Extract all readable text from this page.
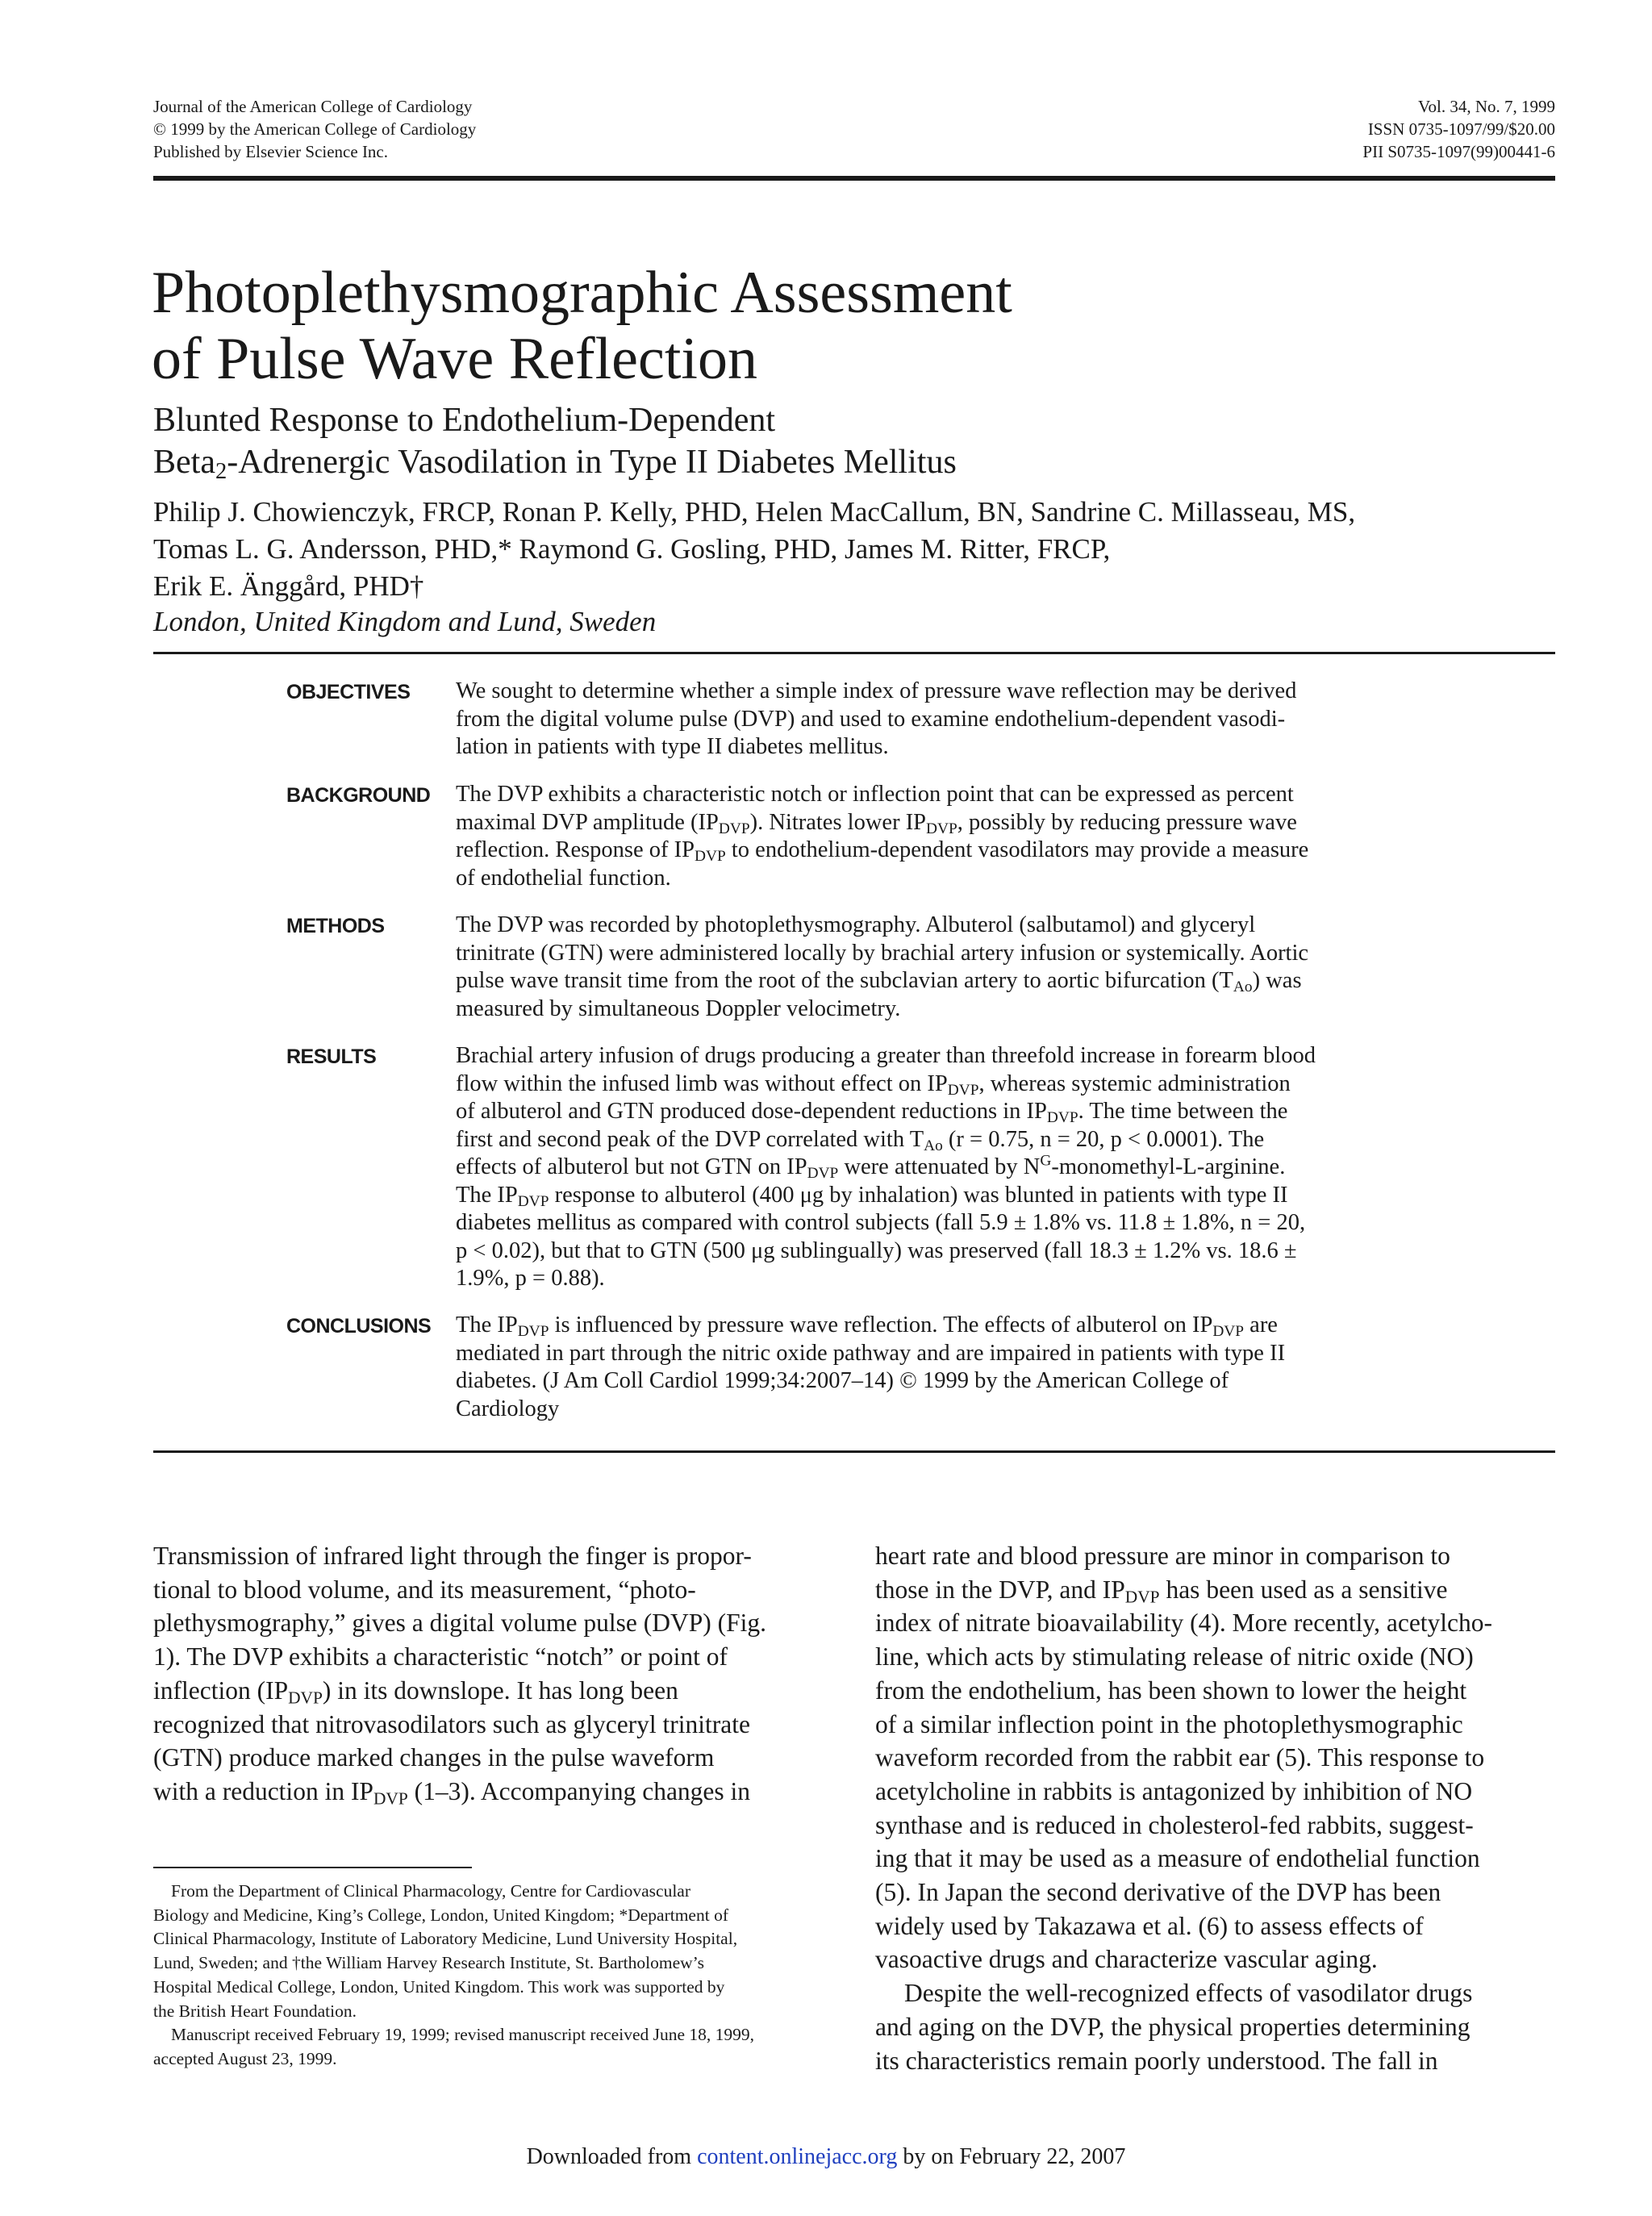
Journal of the American College of Cardiology
© 1999 by the American College of Cardiology
Published by Elsevier Science Inc.
Vol. 34, No. 7, 1999
ISSN 0735-1097/99/$20.00
PII S0735-1097(99)00441-6
Photoplethysmographic Assessment
of Pulse Wave Reflection
Blunted Response to Endothelium-Dependent
Beta$_2$-Adrenergic Vasodilation in Type II Diabetes Mellitus
Philip J. Chowienczyk, FRCP, Ronan P. Kelly, PHD, Helen MacCallum, BN, Sandrine C. Millasseau, MS,
Tomas L. G. Andersson, PHD,* Raymond G. Gosling, PHD, James M. Ritter, FRCP,
Erik E. Änggård, PHD†
London, United Kingdom and Lund, Sweden
OBJECTIVES We sought to determine whether a simple index of pressure wave reflection may be derived
from the digital volume pulse (DVP) and used to examine endothelium-dependent vasodi-
lation in patients with type II diabetes mellitus.
BACKGROUND The DVP exhibits a characteristic notch or inflection point that can be expressed as percent
maximal DVP amplitude $(IP_{DVP})$. Nitrates lower $IP_{DVP}$, possibly by reducing pressure wave
reflection. Response of $IP_{DVP}$ to endothelium-dependent vasodilators may provide a measure
of endothelial function.
METHODS	The DVP was recorded by photoplethysmography. Albuterol (salbutamol) and glyceryl
trinitrate (GTN) were administered locally by brachial artery infusion or systemically. Aortic
pulse wave transit time from the root of the subclavian artery to aortic bifurcation $(T_{Ao})$ was
measured by simultaneous Doppler velocimetry.
RESULTS	Brachial artery infusion of drugs producing a greater than threefold increase in forearm blood
flow within the infused limb was without effect on $IP_{DVP}$, whereas systemic administration
of albuterol and GTN produced dose-dependent reductions in $IP_{DVP}$. The time between the
first and second peak of the DVP correlated with $T_{Ao}$ (r = 0.75, n = 20, p < 0.0001). The
effects of albuterol but not GTN on $IP_{DVP}$ were attenuated by $N^G-monomethyl-L$-arginine.
The $IP_{DVP}$ response to albuterol (400 μg by inhalation) was blunted in patients with type II
diabetes mellitus as compared with control subjects (fall 5.9 ± 1.8% vs. 11.8 ± 1.8%, n = 20,
p < 0.02), but that to GTN (500 μg sublingually) was preserved (fall 18.3 ± 1.2% vs. 18.6 ±
1.9%, p = 0.88).
CONCLUSIONS The $IP_{DVP}$ is influenced by pressure wave reflection. The effects of albuterol on $IP_{DVP}$ are
mediated in part through the nitric oxide pathway and are impaired in patients with type II
diabetes. (J Am Coll Cardiol 1999;34:2007–14) © 1999 by the American College of
Cardiology
Transmission of infrared light through the finger is propor-
tional to blood volume, and its measurement, “photo-
plethysmography,” gives a digital volume pulse (DVP) (Fig.
1). The DVP exhibits a characteristic “notch” or point of
inflection $(IP_{DVP})$ in its downslope. It has long been
recognized that nitrovasodilators such as glyceryl trinitrate
(GTN) produce marked changes in the pulse waveform
with a reduction in $IP_{DVP}$ (1–3). Accompanying changes in
From the Department of Clinical Pharmacology, Centre for Cardiovascular
Biology and Medicine, King’s College, London, United Kingdom; *Department of
Clinical Pharmacology, Institute of Laboratory Medicine, Lund University Hospital,
Lund, Sweden; and †the William Harvey Research Institute, St. Bartholomew’s
Hospital Medical College, London, United Kingdom. This work was supported by
the British Heart Foundation.
Manuscript received February 19, 1999; revised manuscript received June 18, 1999,
accepted August 23, 1999.
heart rate and blood pressure are minor in comparison to
those in the DVP, and $IP_{DVP}$ has been used as a sensitive
index of nitrate bioavailability (4). More recently, acetylcho-
line, which acts by stimulating release of nitric oxide (NO)
from the endothelium, has been shown to lower the height
of a similar inflection point in the photoplethysmographic
waveform recorded from the rabbit ear (5). This response to
acetylcholine in rabbits is antagonized by inhibition of NO
synthase and is reduced in cholesterol-fed rabbits, suggest-
ing that it may be used as a measure of endothelial function
(5). In Japan the second derivative of the DVP has been
widely used by Takazawa et al. (6) to assess effects of
vasoactive drugs and characterize vascular aging.
Despite the well-recognized effects of vasodilator drugs
and aging on the DVP, the physical properties determining
its characteristics remain poorly understood. The fall in
Downloaded from content.onlinejacc.org by on February 22, 2007
